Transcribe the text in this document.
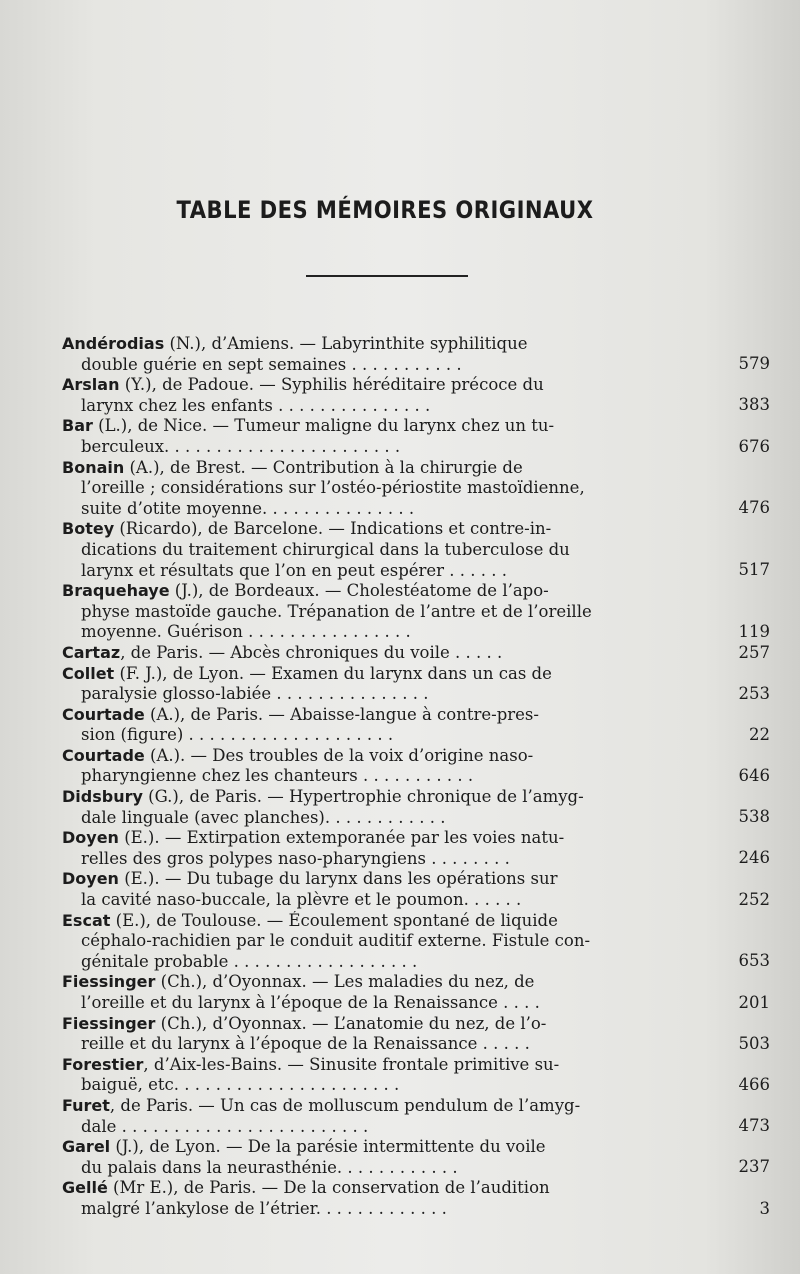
TABLE DES MÉMOIRES ORIGINAUX
Andérodias (N.), d’Amiens. — Labyrinthite syphilitique
double guérie en sept semaines . . . . . . . . . . .	579
Arslan (Y.), de Padoue. — Syphilis héréditaire précoce du
larynx chez les enfants . . . . . . . . . . . . . . .	383
Bar (L.), de Nice. — Tumeur maligne du larynx chez un tu-
berculeux. . . . . . . . . . . . . . . . . . . . . . .	676
Bonain (A.), de Brest. — Contribution à la chirurgie de
l’oreille ; considérations sur l’ostéo-périostite mastoïdienne,
suite d’otite moyenne. . . . . . . . . . . . . . .	476
Botey (Ricardo), de Barcelone. — Indications et contre-in-
dications du traitement chirurgical dans la tuberculose du
larynx et résultats que l’on en peut espérer . . . . . .	517
Braquehaye (J.), de Bordeaux. — Cholestéatome de l’apo-
physe mastoïde gauche. Trépanation de l’antre et de l’oreille
moyenne. Guérison . . . . . . . . . . . . . . . .	119
Cartaz, de Paris. — Abcès chroniques du voile . . . . .	257
Collet (F. J.), de Lyon. — Examen du larynx dans un cas de
paralysie glosso-labiée . . . . . . . . . . . . . . .	253
Courtade (A.), de Paris. — Abaisse-langue à contre-pres-
sion (figure) . . . . . . . . . . . . . . . . . . . .	22
Courtade (A.). — Des troubles de la voix d’origine naso-
pharyngienne chez les chanteurs . . . . . . . . . . .	646
Didsbury (G.), de Paris. — Hypertrophie chronique de l’amyg-
dale linguale (avec planches). . . . . . . . . . . .	538
Doyen (E.). — Extirpation extemporanée par les voies natu-
relles des gros polypes naso-pharyngiens . . . . . . . .	246
Doyen (E.). — Du tubage du larynx dans les opérations sur
la cavité naso-buccale, la plèvre et le poumon. . . . . .	252
Escat (E.), de Toulouse. — Écoulement spontané de liquide
céphalo-rachidien par le conduit auditif externe. Fistule con-
génitale probable . . . . . . . . . . . . . . . . . .	653
Fiessinger (Ch.), d’Oyonnax. — Les maladies du nez, de
l’oreille et du larynx à l’époque de la Renaissance . . . .	201
Fiessinger (Ch.), d’Oyonnax. — L’anatomie du nez, de l’o-
reille et du larynx à l’époque de la Renaissance . . . . .	503
Forestier, d’Aix-les-Bains. — Sinusite frontale primitive su-
baiguë, etc. . . . . . . . . . . . . . . . . . . . . .	466
Furet, de Paris. — Un cas de molluscum pendulum de l’amyg-
dale . . . . . . . . . . . . . . . . . . . . . . . .	473
Garel (J.), de Lyon. — De la parésie intermittente du voile
du palais dans la neurasthénie. . . . . . . . . . . .	237
Gellé (Mr E.), de Paris. — De la conservation de l’audition
malgré l’ankylose de l’étrier. . . . . . . . . . . . .	3
